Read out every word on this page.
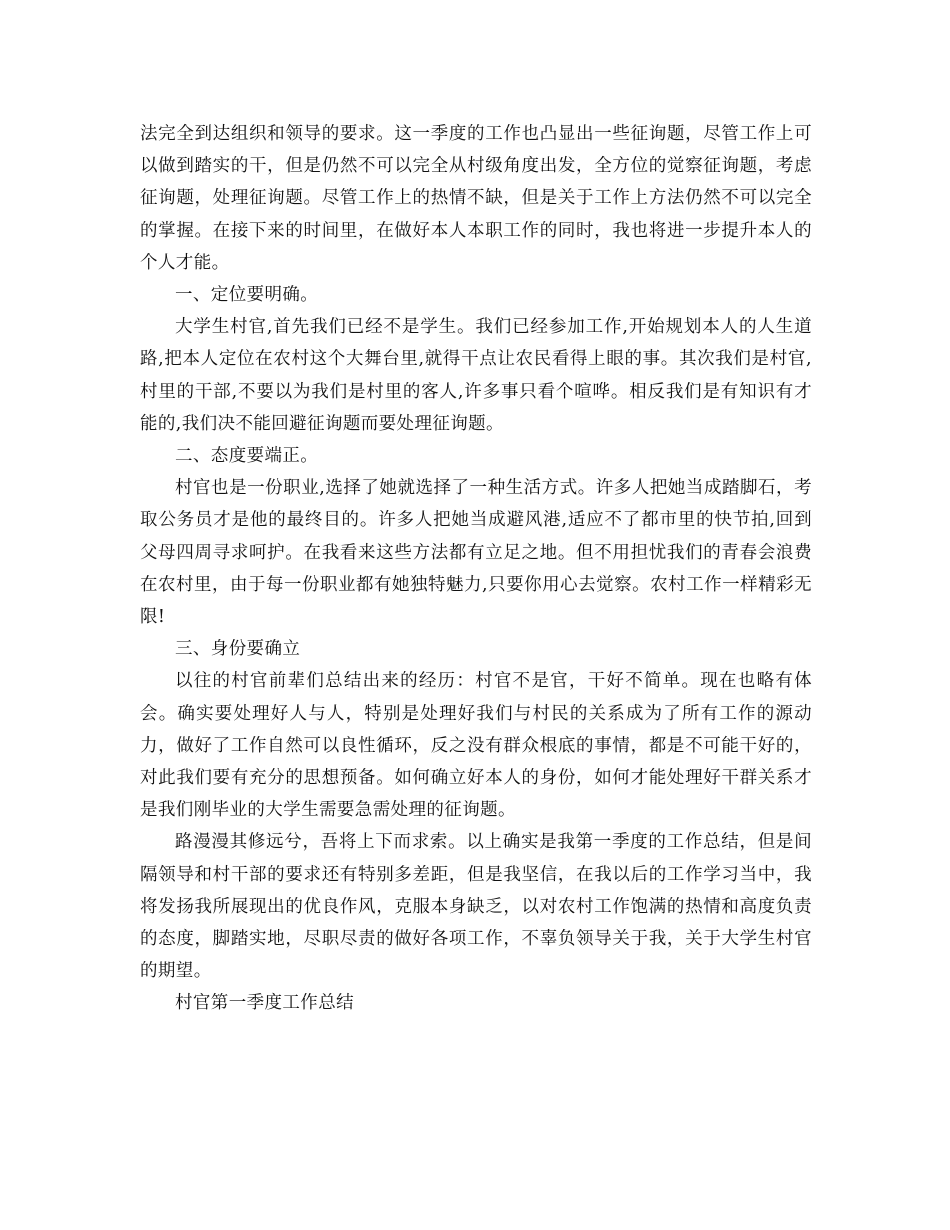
法完全到达组织和领导的要求。这一季度的工作也凸显出一些征询题，尽管工作上可以做到踏实的干，但是仍然不可以完全从村级角度出发，全方位的觉察征询题，考虑征询题，处理征询题。尽管工作上的热情不缺，但是关于工作上方法仍然不可以完全的掌握。在接下来的时间里，在做好本人本职工作的同时，我也将进一步提升本人的个人才能。

一、定位要明确。

大学生村官,首先我们已经不是学生。我们已经参加工作,开始规划本人的人生道路,把本人定位在农村这个大舞台里,就得干点让农民看得上眼的事。其次我们是村官,村里的干部,不要以为我们是村里的客人,许多事只看个喧哗。相反我们是有知识有才能的,我们决不能回避征询题而要处理征询题。

二、态度要端正。

村官也是一份职业,选择了她就选择了一种生活方式。许多人把她当成踏脚石，考取公务员才是他的最终目的。许多人把她当成避风港,适应不了都市里的快节拍,回到父母四周寻求呵护。在我看来这些方法都有立足之地。但不用担忧我们的青春会浪费在农村里，由于每一份职业都有她独特魅力,只要你用心去觉察。农村工作一样精彩无限!

三、身份要确立

以往的村官前辈们总结出来的经历：村官不是官，干好不简单。现在也略有体会。确实要处理好人与人，特别是处理好我们与村民的关系成为了所有工作的源动力，做好了工作自然可以良性循环，反之没有群众根底的事情，都是不可能干好的，对此我们要有充分的思想预备。如何确立好本人的身份，如何才能处理好干群关系才是我们刚毕业的大学生需要急需处理的征询题。

路漫漫其修远兮，吾将上下而求索。以上确实是我第一季度的工作总结，但是间隔领导和村干部的要求还有特别多差距，但是我坚信，在我以后的工作学习当中，我将发扬我所展现出的优良作风，克服本身缺乏，以对农村工作饱满的热情和高度负责的态度，脚踏实地，尽职尽责的做好各项工作，不辜负领导关于我，关于大学生村官的期望。

村官第一季度工作总结
